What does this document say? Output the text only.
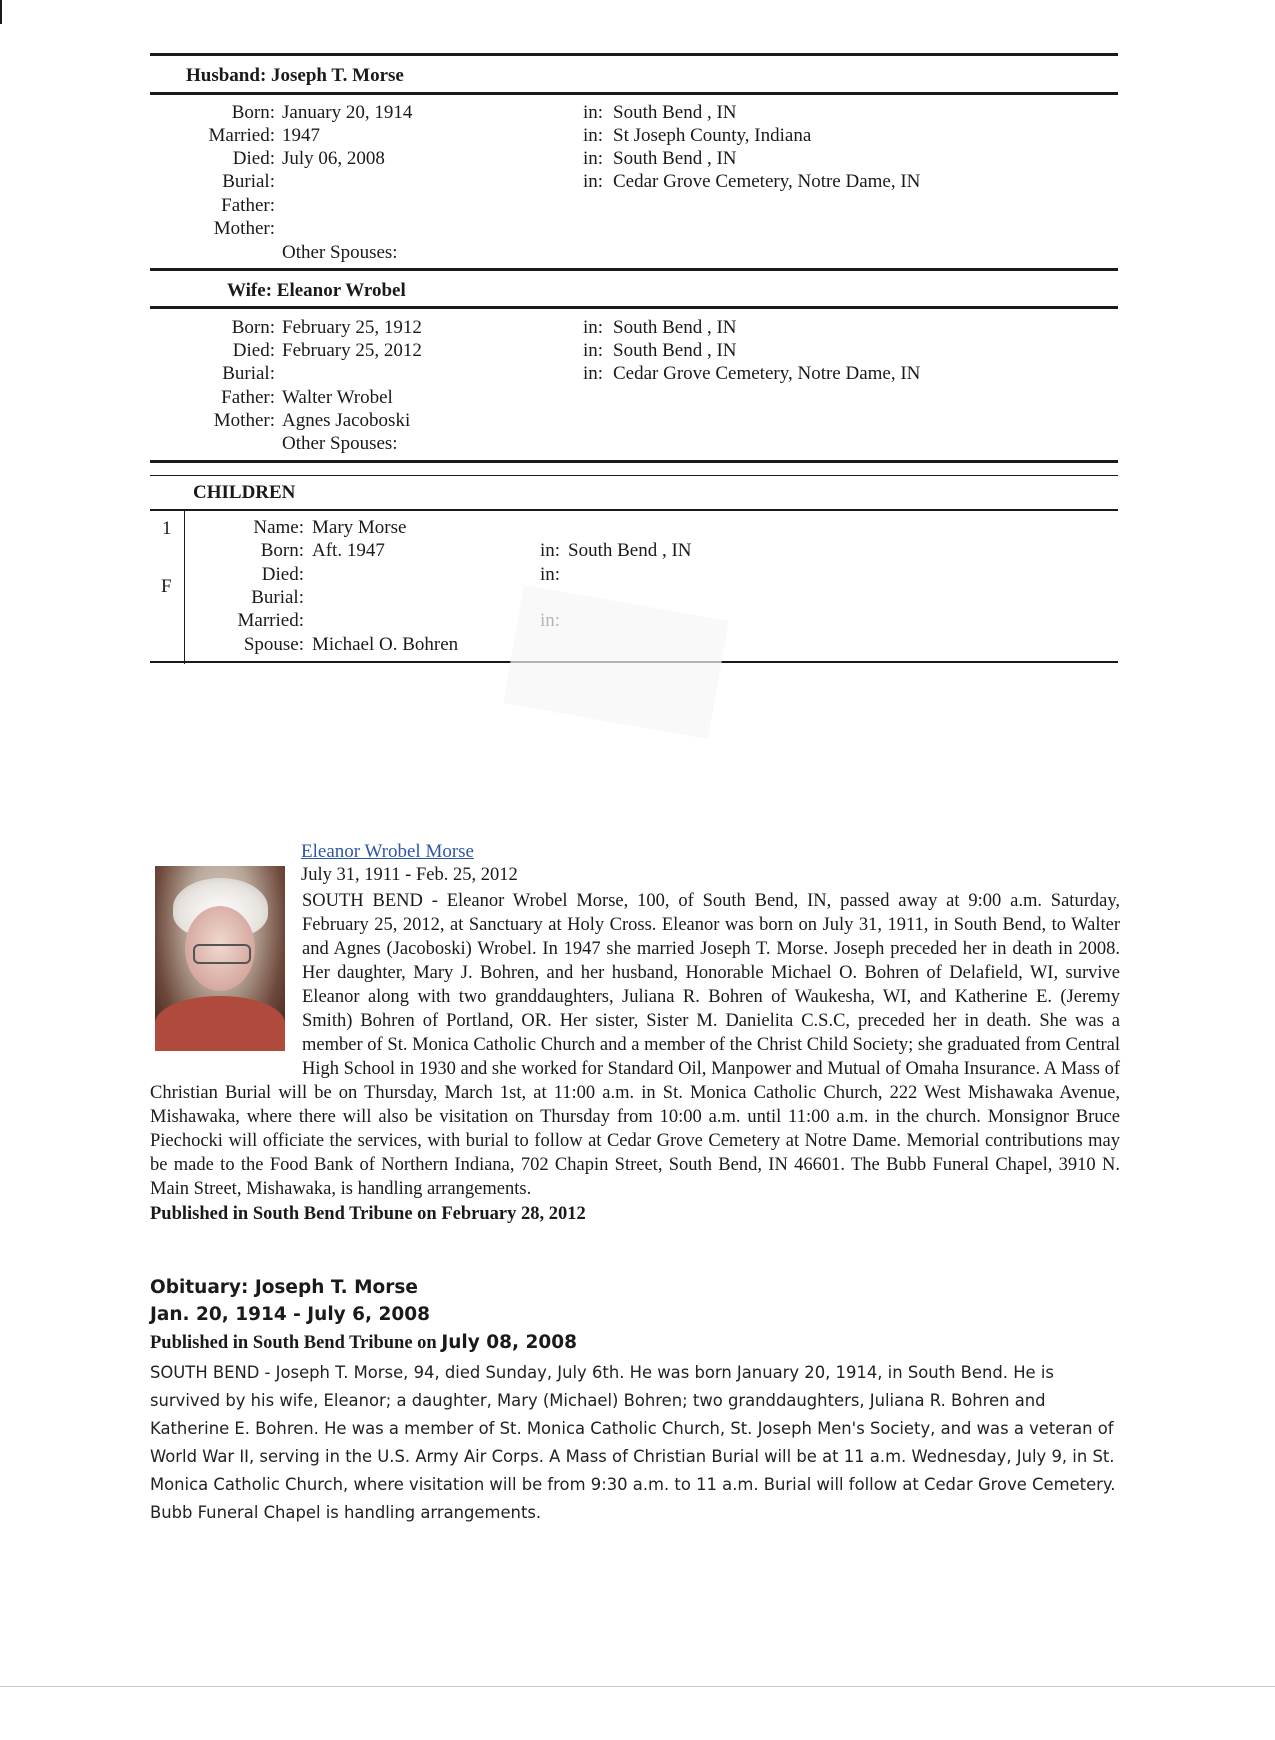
Husband: Joseph T. Morse
Born: January 20, 1914	in: South Bend , IN
Married: 1947	in: St Joseph County, Indiana
Died: July 06, 2008	in: South Bend , IN
Burial:	in: Cedar Grove Cemetery, Notre Dame, IN
Father:
Mother:
Other Spouses:
Wife: Eleanor Wrobel
Born: February 25, 1912	in: South Bend , IN
Died: February 25, 2012	in: South Bend , IN
Burial:	in: Cedar Grove Cemetery, Notre Dame, IN
Father: Walter Wrobel
Mother: Agnes Jacoboski
Other Spouses:
CHILDREN
1
F
Name: Mary Morse
Born: Aft. 1947	in: South Bend , IN
Died:	in:
Burial:
Married:
Spouse: Michael O. Bohren
Eleanor Wrobel Morse
July 31, 1911 - Feb. 25, 2012

SOUTH BEND - Eleanor Wrobel Morse, 100, of South Bend, IN, passed away at 9:00 a.m. Saturday, February 25, 2012, at Sanctuary at Holy Cross. Eleanor was born on July 31, 1911, in South Bend, to Walter and Agnes (Jacoboski) Wrobel. In 1947 she married Joseph T. Morse. Joseph preceded her in death in 2008. Her daughter, Mary J. Bohren, and her husband, Honorable Michael O. Bohren of Delafield, WI, survive Eleanor along with two granddaughters, Juliana R. Bohren of Waukesha, WI, and Katherine E. (Jeremy Smith) Bohren of Portland, OR. Her sister, Sister M. Danielita C.S.C, preceded her in death. She was a member of St. Monica Catholic Church and a member of the Christ Child Society; she graduated from Central High School in 1930 and she worked for Standard Oil, Manpower and Mutual of Omaha Insurance. A Mass of Christian Burial will be on Thursday, March 1st, at 11:00 a.m. in St. Monica Catholic Church, 222 West Mishawaka Avenue, Mishawaka, where there will also be visitation on Thursday from 10:00 a.m. until 11:00 a.m. in the church. Monsignor Bruce Piechocki will officiate the services, with burial to follow at Cedar Grove Cemetery at Notre Dame. Memorial contributions may be made to the Food Bank of Northern Indiana, 702 Chapin Street, South Bend, IN 46601. The Bubb Funeral Chapel, 3910 N. Main Street, Mishawaka, is handling arrangements.

Published in South Bend Tribune on February 28, 2012

Obituary: Joseph T. Morse
Jan. 20, 1914 - July 6, 2008
Published in South Bend Tribune on July 08, 2008

SOUTH BEND - Joseph T. Morse, 94, died Sunday, July 6th. He was born January 20, 1914, in South Bend. He is survived by his wife, Eleanor; a daughter, Mary (Michael) Bohren; two granddaughters, Juliana R. Bohren and Katherine E. Bohren. He was a member of St. Monica Catholic Church, St. Joseph Men's Society, and was a veteran of World War II, serving in the U.S. Army Air Corps. A Mass of Christian Burial will be at 11 a.m. Wednesday, July 9, in St. Monica Catholic Church, where visitation will be from 9:30 a.m. to 11 a.m. Burial will follow at Cedar Grove Cemetery. Bubb Funeral Chapel is handling arrangements.
